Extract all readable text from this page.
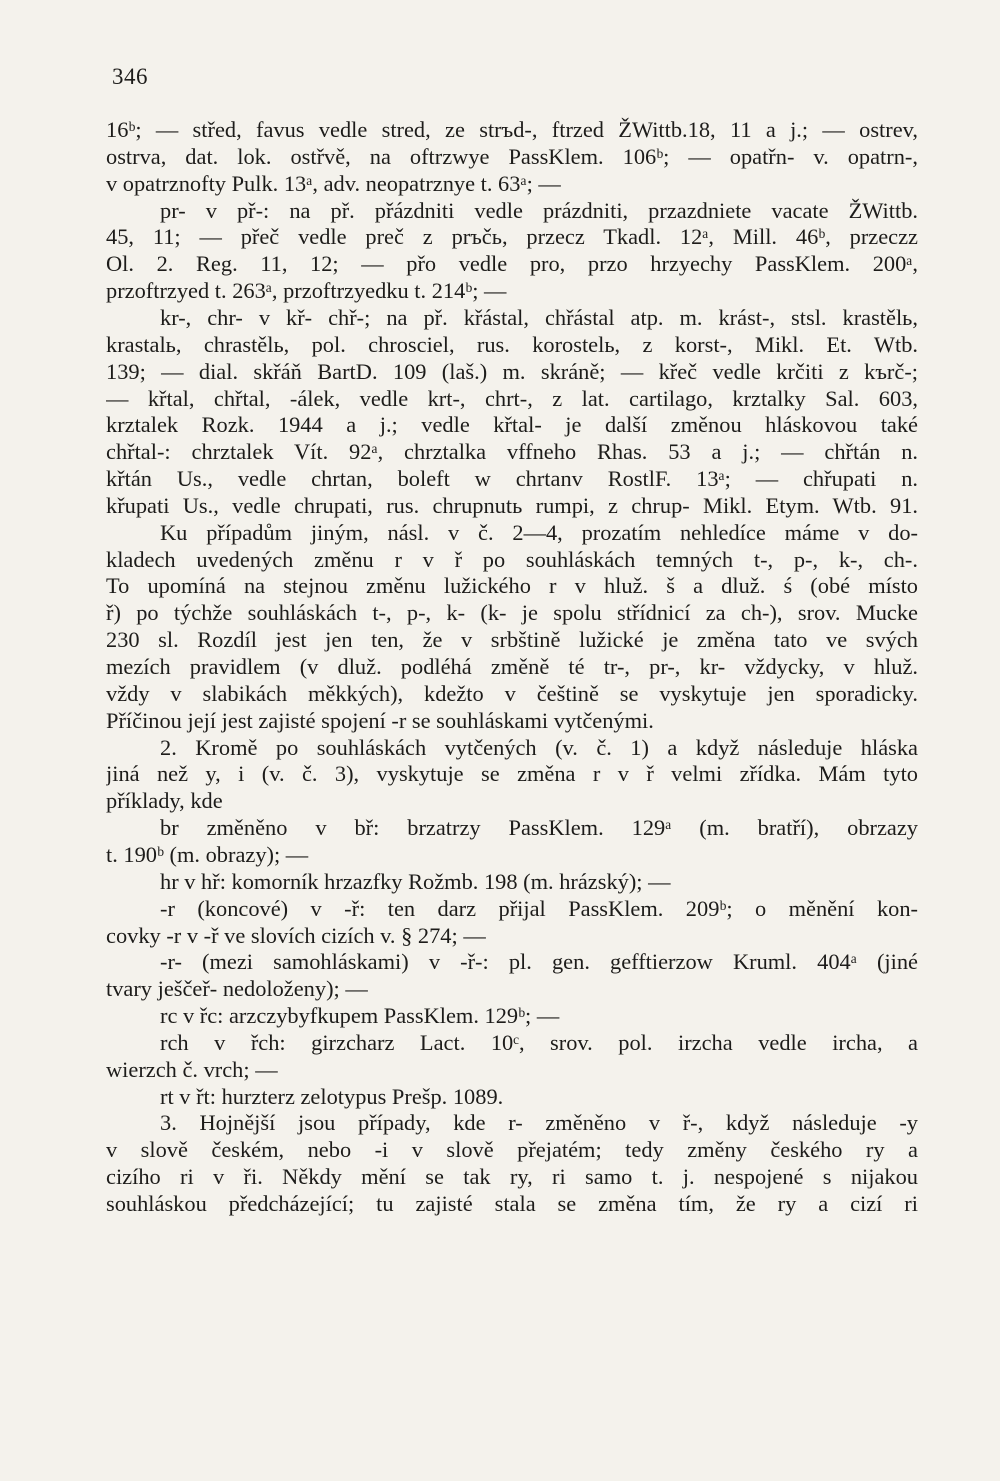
346
16ᵇ; — střed, favus vedle stred, ze strъd-, ftrzed ŽWittb.18, 11 a j.; — ostrev,
ostrva, dat. lok. ostřvě, na oftrzwye PassKlem. 106ᵇ; — opatřn- v. opatrn-,
v opatrznofty Pulk. 13ᵃ, adv. neopatrznye t. 63ᵃ; —
pr- v př-: na př. přázdniti vedle prázdniti, przazdniete vacate ŽWittb.
45, 11; — přeč vedle preč z prъčь, przecz Tkadl. 12ᵃ, Mill. 46ᵇ, przeczz
Ol. 2. Reg. 11, 12; — přo vedle pro, przo hrzyechy PassKlem. 200ᵃ,
przoftrzyed t. 263ᵃ, przoftrzyedku t. 214ᵇ; —
kr-, chr- v kř- chř-; na př. křástal, chřástal atp. m. krást-, stsl. krastělь,
krastalь, chrastělь, pol. chrosciel, rus. korostelь, z korst-, Mikl. Et. Wtb.
139; — dial. skřáň BartD. 109 (laš.) m. skráně; — křeč vedle krčiti z kъrč-;
— křtal, chřtal, -álek, vedle krt-, chrt-, z lat. cartilago, krztalky Sal. 603,
krztalek Rozk. 1944 a j.; vedle křtal- je další změnou hláskovou také
chřtal-: chrztalek Vít. 92ᵃ, chrztalka vffneho Rhas. 53 a j.; — chřtán n.
křtán Us., vedle chrtan, boleft w chrtanv RostlF. 13ᵃ; — chřupati n.
křupati Us., vedle chrupati, rus. chrupnutь rumpi, z chrup- Mikl. Etym. Wtb. 91.
Ku případům jiným, násl. v č. 2—4, prozatím nehledíce máme v do-
kladech uvedených změnu r v ř po souhláskách temných t-, p-, k-, ch-.
To upomíná na stejnou změnu lužického r v hluž. š a dluž. ś (obé místo
ř) po týchže souhláskách t-, p-, k- (k- je spolu střídnicí za ch-), srov. Mucke
230 sl. Rozdíl jest jen ten, že v srbštině lužické je změna tato ve svých
mezích pravidlem (v dluž. podléhá změně té tr-, pr-, kr- vždycky, v hluž.
vždy v slabikách měkkých), kdežto v češtině se vyskytuje jen sporadicky.
Příčinou její jest zajisté spojení -r se souhláskami vytčenými.
2. Kromě po souhláskách vytčených (v. č. 1) a když následuje hláska
jiná než y, i (v. č. 3), vyskytuje se změna r v ř velmi zřídka. Mám tyto
příklady, kde
br změněno v bř: brzatrzy PassKlem. 129ᵃ (m. bratří), obrzazy
t. 190ᵇ (m. obrazy); —
hr v hř: komorník hrzazfky Rožmb. 198 (m. hrázský); —
-r (koncové) v -ř: ten darz přijal PassKlem. 209ᵇ; o měnění kon-
covky -r v -ř ve slovích cizích v. § 274; —
-r- (mezi samohláskami) v -ř-: pl. gen. gefftierzow Kruml. 404ᵃ (jiné
tvary ješčeř- nedoloženy); —
rc v řc: arzczybyfkupem PassKlem. 129ᵇ; —
rch v řch: girzcharz Lact. 10ᶜ, srov. pol. irzcha vedle ircha, a
wierzch č. vrch; —
rt v řt: hurzterz zelotypus Prešp. 1089.
3. Hojnější jsou případy, kde r- změněno v ř-, když následuje -y
v slově českém, nebo -i v slově přejatém; tedy změny českého ry a
cizího ri v ři. Někdy mění se tak ry, ri samo t. j. nespojené s nijakou
souhláskou předcházející; tu zajisté stala se změna tím, že ry a cizí ri
